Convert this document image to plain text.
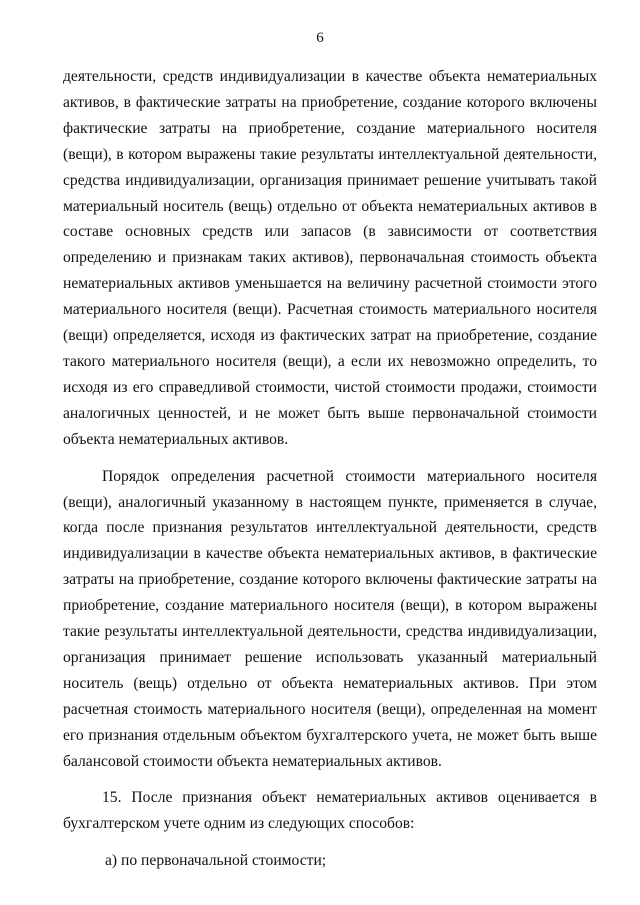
6

деятельности, средств индивидуализации в качестве объекта нематериальных активов, в фактические затраты на приобретение, создание которого включены фактические затраты на приобретение, создание материального носителя (вещи), в котором выражены такие результаты интеллектуальной деятельности, средства индивидуализации, организация принимает решение учитывать такой материальный носитель (вещь) отдельно от объекта нематериальных активов в составе основных средств или запасов (в зависимости от соответствия определению и признакам таких активов), первоначальная стоимость объекта нематериальных активов уменьшается на величину расчетной стоимости этого материального носителя (вещи). Расчетная стоимость материального носителя (вещи) определяется, исходя из фактических затрат на приобретение, создание такого материального носителя (вещи), а если их невозможно определить, то исходя из его справедливой стоимости, чистой стоимости продажи, стоимости аналогичных ценностей, и не может быть выше первоначальной стоимости объекта нематериальных активов.

Порядок определения расчетной стоимости материального носителя (вещи), аналогичный указанному в настоящем пункте, применяется в случае, когда после признания результатов интеллектуальной деятельности, средств индивидуализации в качестве объекта нематериальных активов, в фактические затраты на приобретение, создание которого включены фактические затраты на приобретение, создание материального носителя (вещи), в котором выражены такие результаты интеллектуальной деятельности, средства индивидуализации, организация принимает решение использовать указанный материальный носитель (вещь) отдельно от объекта нематериальных активов. При этом расчетная стоимость материального носителя (вещи), определенная на момент его признания отдельным объектом бухгалтерского учета, не может быть выше балансовой стоимости объекта нематериальных активов.

15. После признания объект нематериальных активов оценивается в бухгалтерском учете одним из следующих способов:

а) по первоначальной стоимости;
